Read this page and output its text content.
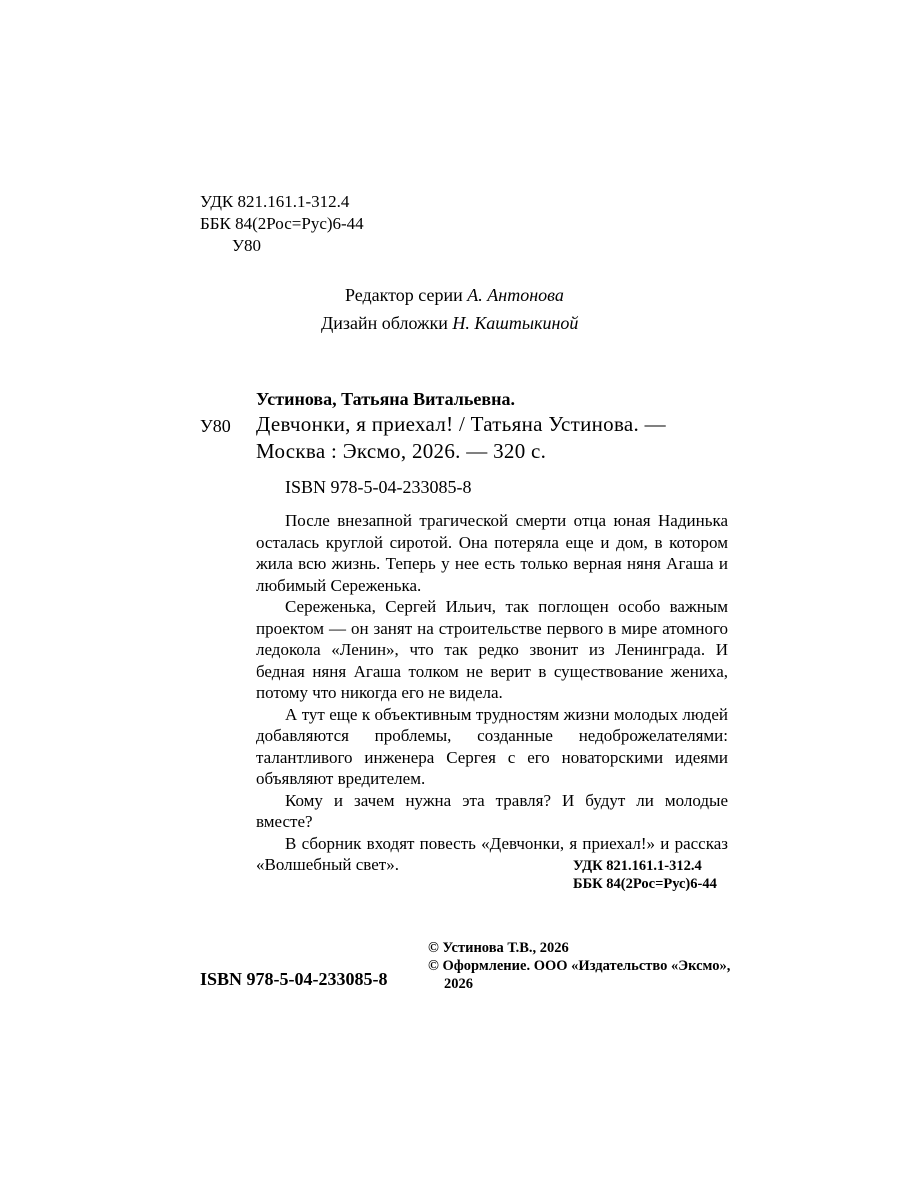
УДК 821.161.1-312.4
ББК 84(2Рос=Рус)6-44
У80
Редактор серии А. Антонова
Дизайн обложки Н. Каштыкиной
Устинова, Татьяна Витальевна.
У80 Девчонки, я приехал! / Татьяна Устинова. —
Москва : Эксмо, 2026. — 320 с.
ISBN 978-5-04-233085-8

После внезапной трагической смерти отца юная Надинька осталась круглой сиротой. Она потеряла еще и дом, в котором жила всю жизнь. Теперь у нее есть только верная няня Агаша и любимый Сереженька.

Сереженька, Сергей Ильич, так поглощен особо важным проектом — он занят на строительстве первого в мире атомного ледокола «Ленин», что так редко звонит из Ленинграда. И бедная няня Агаша толком не верит в существование жениха, потому что никогда его не видела.

А тут еще к объективным трудностям жизни молодых людей добавляются проблемы, созданные недоброжелателями: талантливого инженера Сергея с его новаторскими идеями объявляют вредителем.

Кому и зачем нужна эта травля? И будут ли молодые вместе?

В сборник входят повесть «Девчонки, я приехал!» и рассказ «Волшебный свет».	УДК 821.161.1-312.4
ББК 84(2Рос=Рус)6-44
ISBN 978-5-04-233085-8
© Устинова Т.В., 2026
© Оформление. ООО «Издательство «Эксмо»,
2026
